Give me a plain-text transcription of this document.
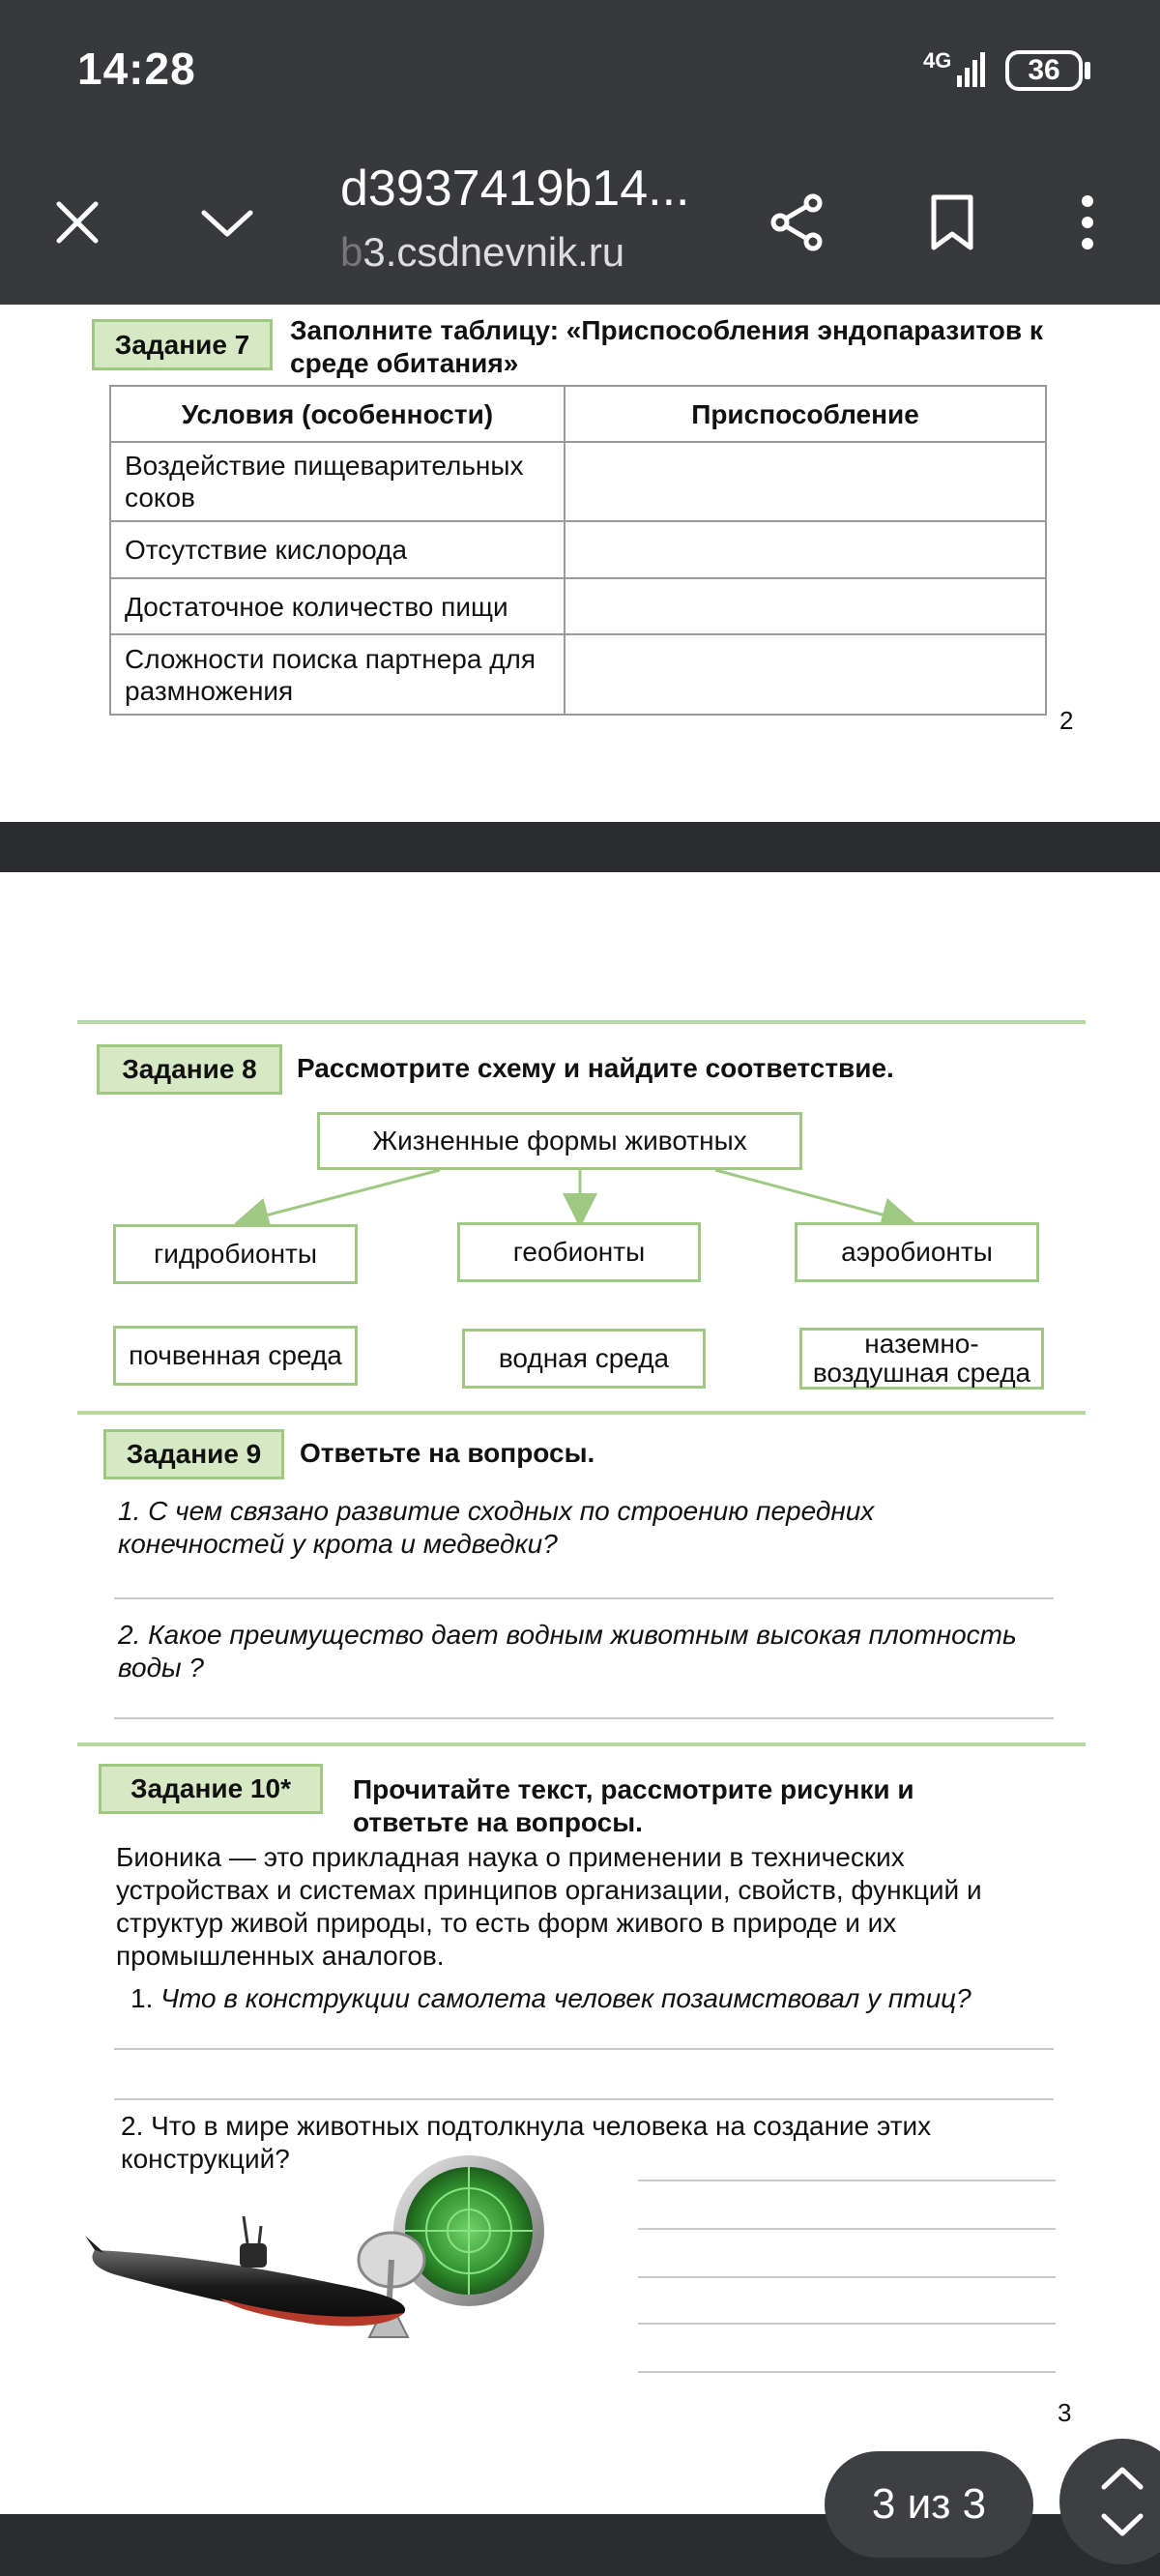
14:28	4G	36
d3937419b14...
b3.csdnevnik.ru
Задание 7	Заполните таблицу: «Приспособления эндопаразитов к
среде обитания»
Условия (особенности)	Приспособление
Воздействие пищеварительных соков	
Отсутствие кислорода	
Достаточное количество пищи	
Сложности поиска партнера для размножения	
2
Задание 8	Рассмотрите схему и найдите соответствие.
Жизненные формы животных
гидробионты	геобионты	аэробионты
почвенная среда	водная среда	наземно-
воздушная среда
Задание 9	Ответьте на вопросы.
1. С чем связано развитие сходных по строению передних
конечностей у крота и медведки?
2. Какое преимущество дает водным животным высокая плотность
воды ?
Задание 10*	Прочитайте текст, рассмотрите рисунки и
ответьте на вопросы.
Бионика — это прикладная наука о применении в технических
устройствах и системах принципов организации, свойств, функций и
структур живой природы, то есть форм живого в природе и их
промышленных аналогов.
1. Что в конструкции самолета человек позаимствовал у птиц?
2. Что в мире животных подтолкнула человека на создание этих
конструкций?
3
3 из 3
